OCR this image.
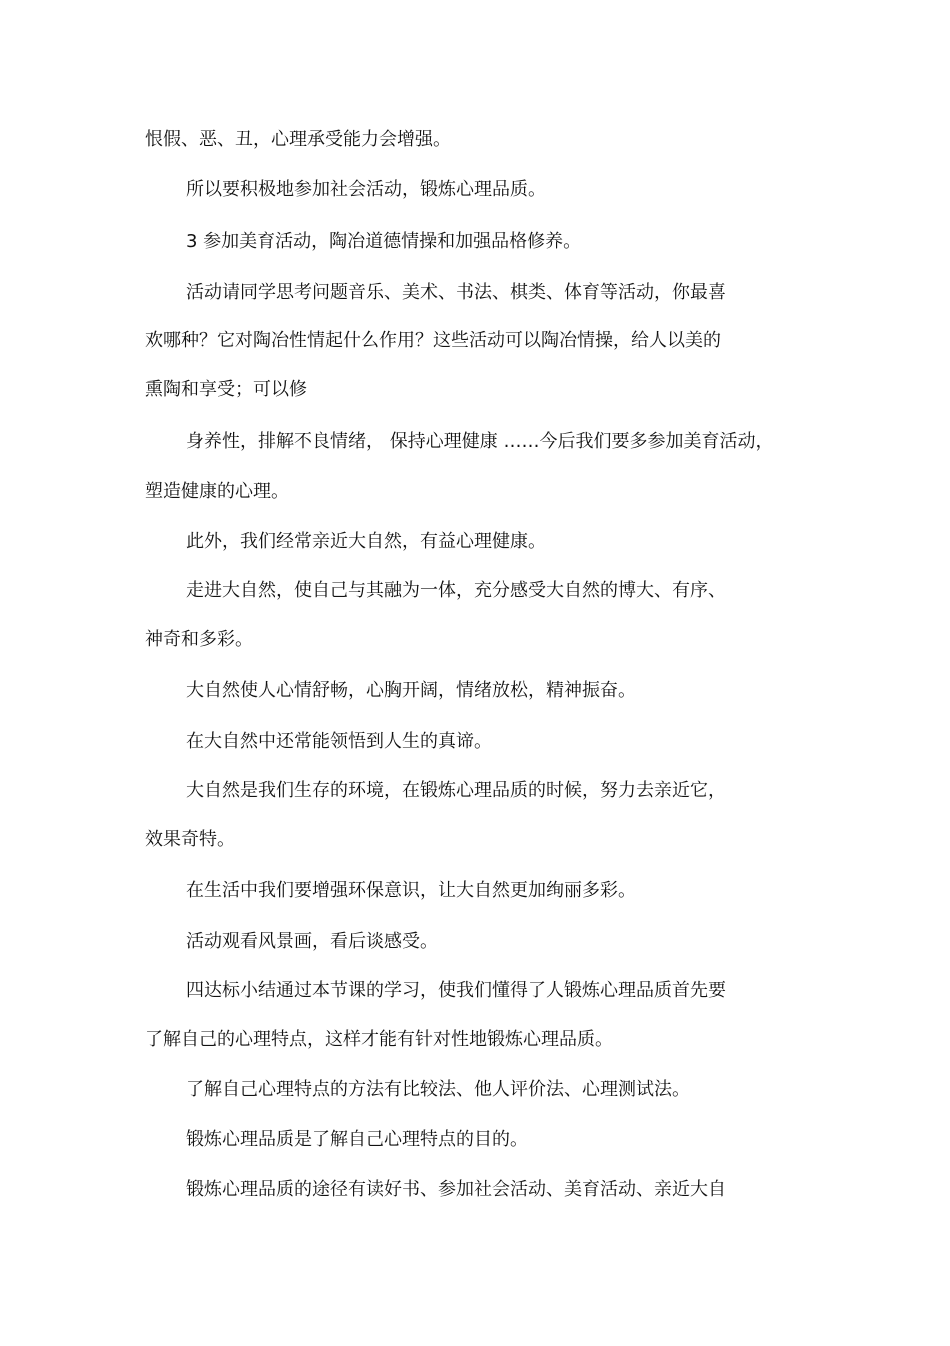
恨假、恶、丑，心理承受能力会增强。
所以要积极地参加社会活动，锻炼心理品质。
3 参加美育活动，陶冶道德情操和加强品格修养。
活动请同学思考问题音乐、美术、书法、棋类、体育等活动，你最喜
欢哪种？它对陶冶性情起什么作用？这些活动可以陶冶情操，给人以美的
熏陶和享受；可以修
身养性，排解不良情绪， 保持心理健康 ……今后我们要多参加美育活动，
塑造健康的心理。
此外，我们经常亲近大自然，有益心理健康。
走进大自然，使自己与其融为一体，充分感受大自然的博大、有序、
神奇和多彩。
大自然使人心情舒畅，心胸开阔，情绪放松，精神振奋。
在大自然中还常能领悟到人生的真谛。
大自然是我们生存的环境，在锻炼心理品质的时候，努力去亲近它，
效果奇特。
在生活中我们要增强环保意识，让大自然更加绚丽多彩。
活动观看风景画，看后谈感受。
四达标小结通过本节课的学习，使我们懂得了人锻炼心理品质首先要
了解自己的心理特点，这样才能有针对性地锻炼心理品质。
了解自己心理特点的方法有比较法、他人评价法、心理测试法。
锻炼心理品质是了解自己心理特点的目的。
锻炼心理品质的途径有读好书、参加社会活动、美育活动、亲近大自
